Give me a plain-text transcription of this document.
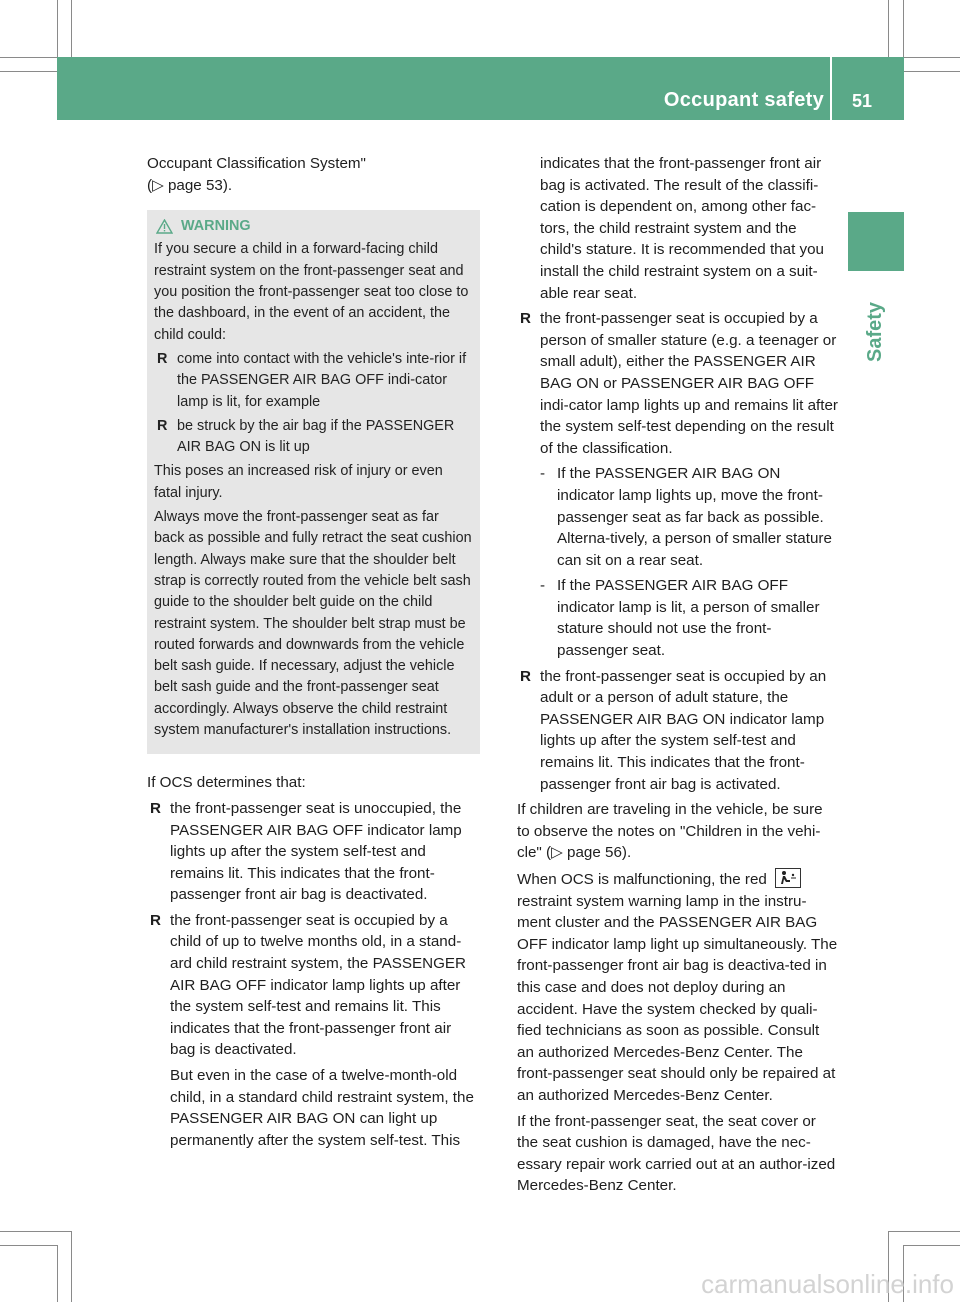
Occupant safety 51
Safety

Occupant Classification System"
(▷ page 53).

WARNING

If you secure a child in a forward-facing child restraint system on the front-passenger seat and you position the front-passenger seat too close to the dashboard, in the event of an accident, the child could:

R come into contact with the vehicle's inte-rior if the PASSENGER AIR BAG OFF indi-cator lamp is lit, for example
R be struck by the air bag if the PASSENGER AIR BAG ON is lit up

This poses an increased risk of injury or even fatal injury.

Always move the front-passenger seat as far back as possible and fully retract the seat cushion length. Always make sure that the shoulder belt strap is correctly routed from the vehicle belt sash guide to the shoulder belt guide on the child restraint system. The shoulder belt strap must be routed forwards and downwards from the vehicle belt sash guide. If necessary, adjust the vehicle belt sash guide and the front-passenger seat accordingly. Always observe the child restraint system manufacturer's installation instructions.

If OCS determines that:

R the front-passenger seat is unoccupied, the PASSENGER AIR BAG OFF indicator lamp lights up after the system self-test and remains lit. This indicates that the front-passenger front air bag is deactivated.
R the front-passenger seat is occupied by a child of up to twelve months old, in a stand-ard child restraint system, the PASSENGER AIR BAG OFF indicator lamp lights up after the system self-test and remains lit. This indicates that the front-passenger front air bag is deactivated.
But even in the case of a twelve-month-old child, in a standard child restraint system, the PASSENGER AIR BAG ON can light up permanently after the system self-test. This
indicates that the front-passenger front air bag is activated. The result of the classifi-cation is dependent on, among other fac-tors, the child restraint system and the child's stature. It is recommended that you install the child restraint system on a suit-able rear seat.
R the front-passenger seat is occupied by a person of smaller stature (e.g. a teenager or small adult), either the PASSENGER AIR BAG ON or PASSENGER AIR BAG OFF indi-cator lamp lights up and remains lit after the system self-test depending on the result of the classification.
- If the PASSENGER AIR BAG ON indicator lamp lights up, move the front-passenger seat as far back as possible. Alterna-tively, a person of smaller stature can sit on a rear seat.
- If the PASSENGER AIR BAG OFF indicator lamp is lit, a person of smaller stature should not use the front-passenger seat.
R the front-passenger seat is occupied by an adult or a person of adult stature, the PASSENGER AIR BAG ON indicator lamp lights up after the system self-test and remains lit. This indicates that the front-passenger front air bag is activated.

If children are traveling in the vehicle, be sure to observe the notes on "Children in the vehi-cle" (▷ page 56).

When OCS is malfunctioning, the red  restraint system warning lamp in the instru-ment cluster and the PASSENGER AIR BAG OFF indicator lamp light up simultaneously. The front-passenger front air bag is deactiva-ted in this case and does not deploy during an accident. Have the system checked by quali-fied technicians as soon as possible. Consult an authorized Mercedes-Benz Center. The front-passenger seat should only be repaired at an authorized Mercedes-Benz Center.

If the front-passenger seat, the seat cover or the seat cushion is damaged, have the nec-essary repair work carried out at an author-ized Mercedes-Benz Center.

carmanualsonline.info
